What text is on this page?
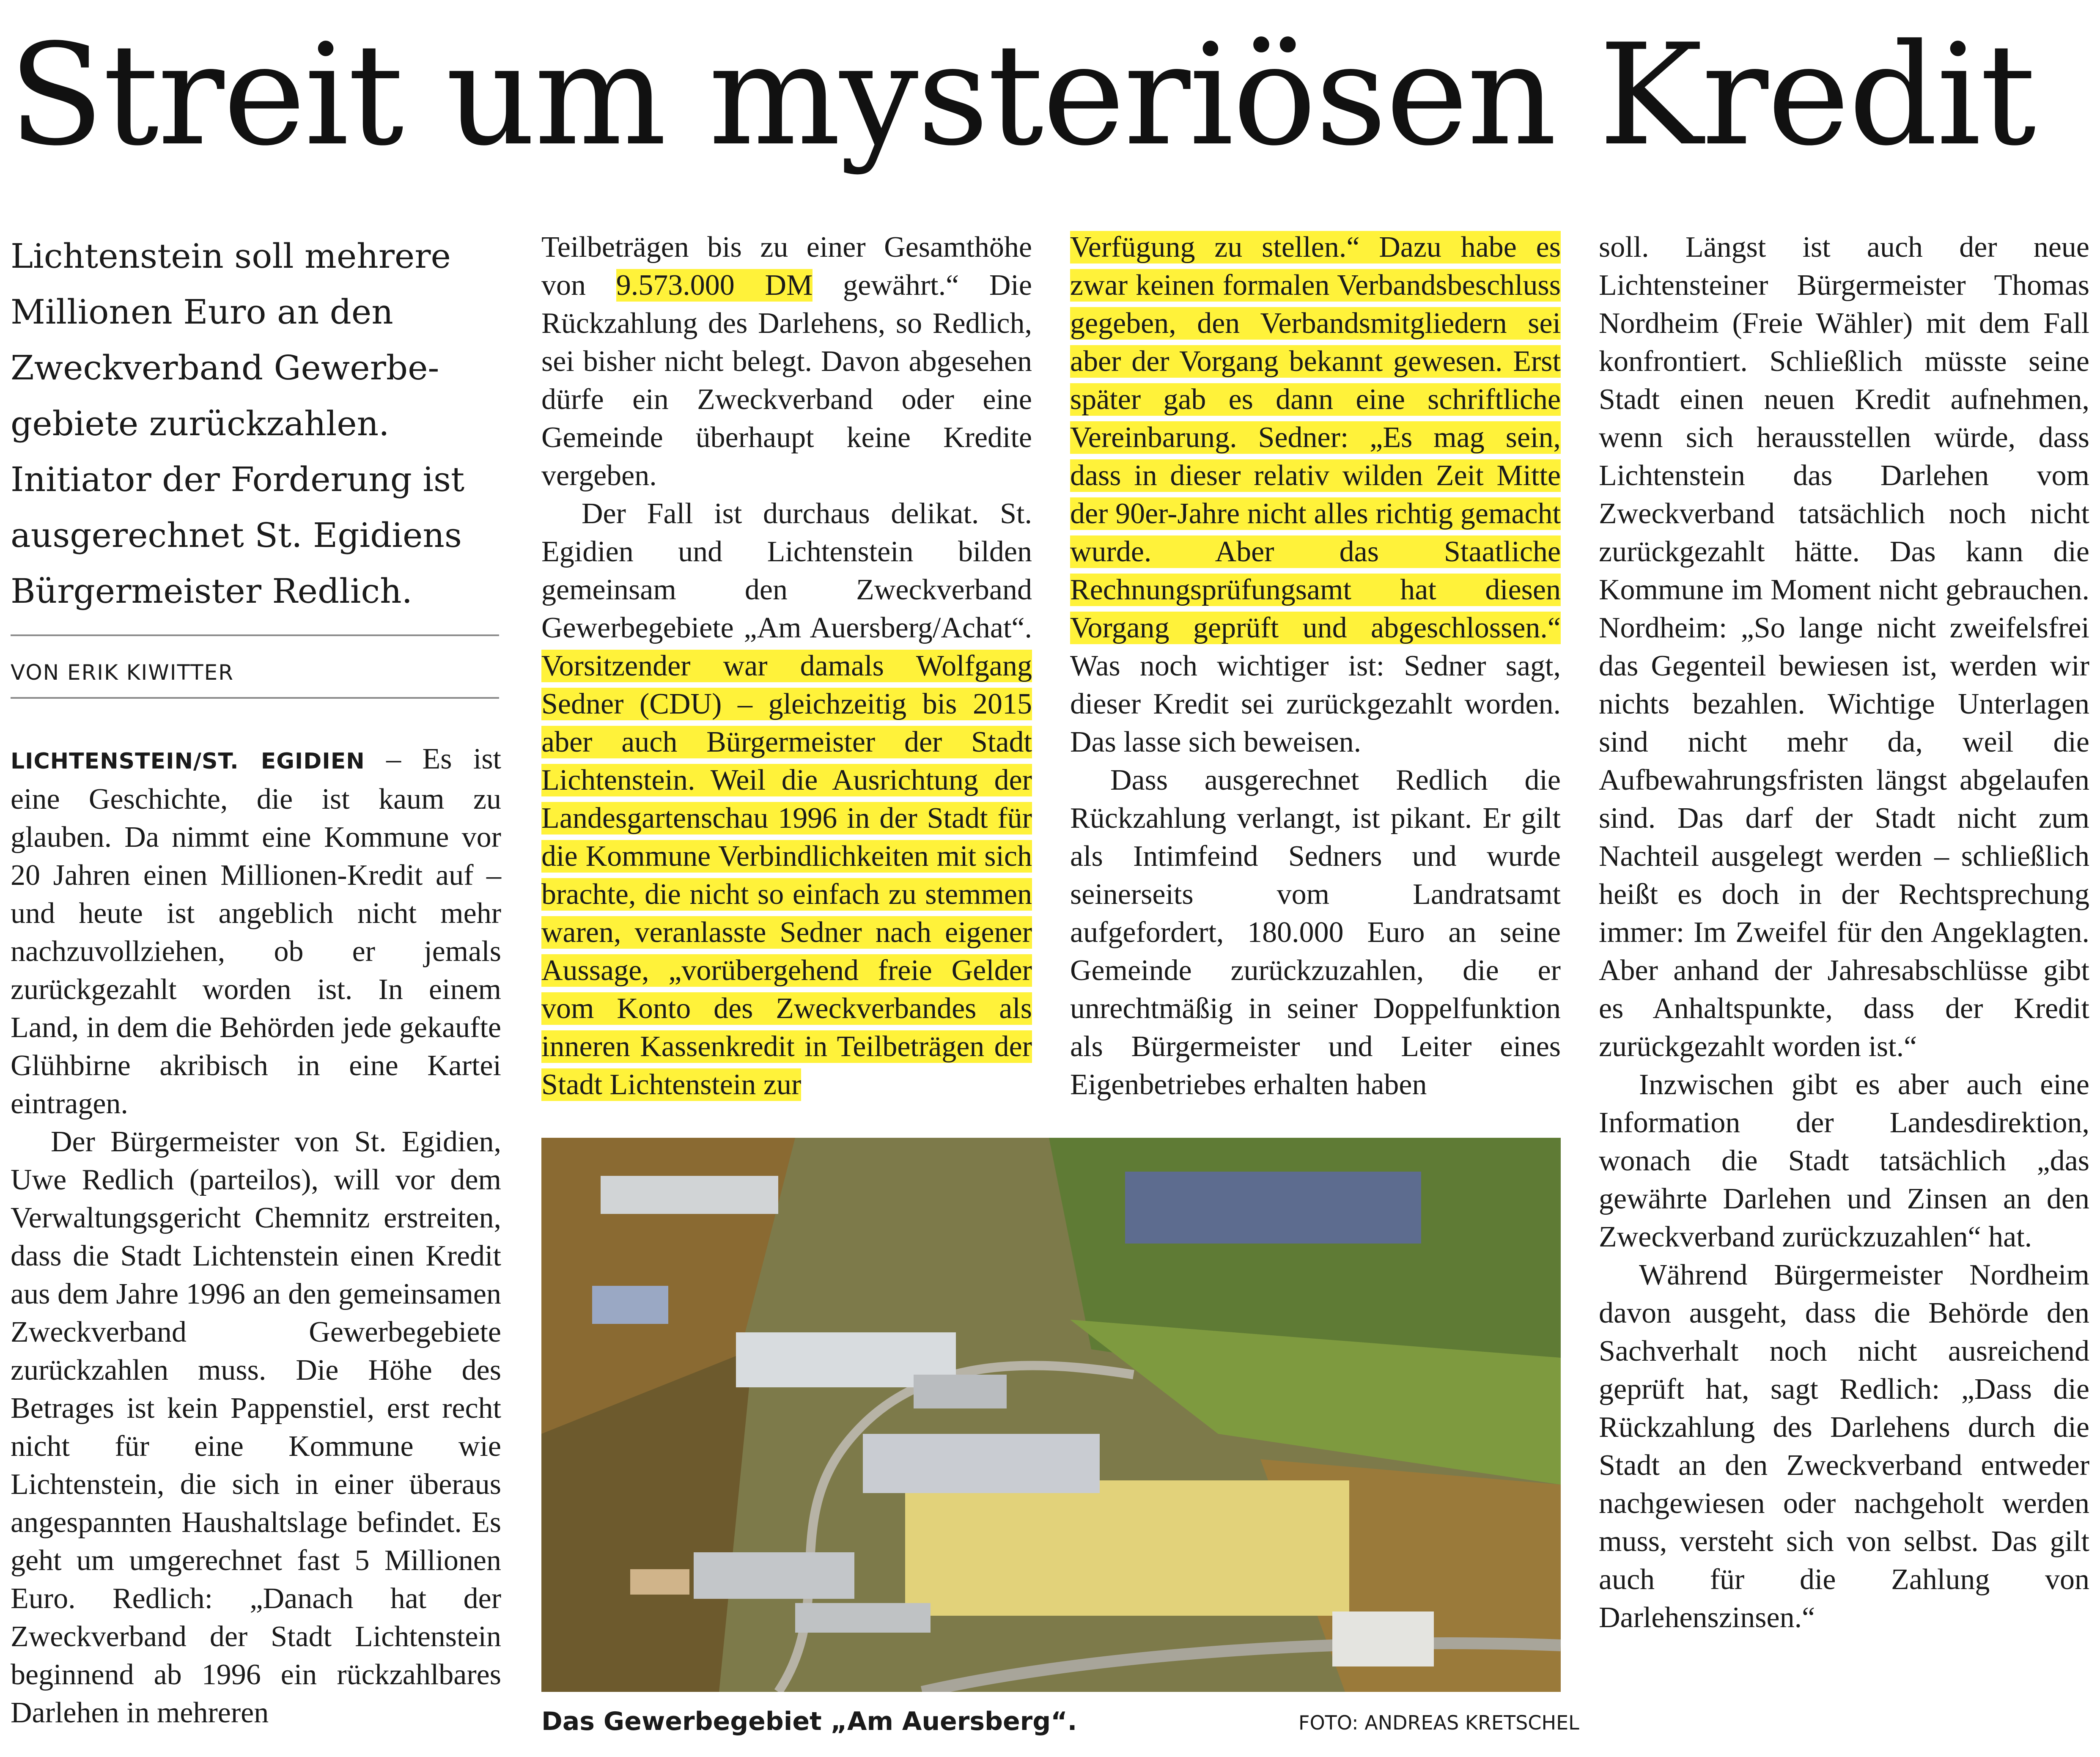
Streit um mysteriösen Kredit

Lichtenstein soll mehrere Millionen Euro an den Zweckverband Gewerbe-gebiete zurückzahlen. Initiator der Forderung ist ausgerechnet St. Egidiens Bürgermeister Redlich.

VON ERIK KIWITTER

LICHTENSTEIN/ST. EGIDIEN – Es ist eine Geschichte, die ist kaum zu glauben. Da nimmt eine Kommune vor 20 Jahren einen Millionen-Kredit auf – und heute ist angeblich nicht mehr nachzuvollziehen, ob er jemals zurückgezahlt worden ist. In einem Land, in dem die Behörden jede gekaufte Glühbirne akribisch in eine Kartei eintragen.

Der Bürgermeister von St. Egidien, Uwe Redlich (parteilos), will vor dem Verwaltungsgericht Chemnitz erstreiten, dass die Stadt Lichtenstein einen Kredit aus dem Jahre 1996 an den gemeinsamen Zweckverband Gewerbegebiete zurückzahlen muss. Die Höhe des Betrages ist kein Pappenstiel, erst recht nicht für eine Kommune wie Lichtenstein, die sich in einer überaus angespannten Haushaltslage befindet. Es geht um umgerechnet fast 5 Millionen Euro. Redlich: „Danach hat der Zweckverband der Stadt Lichtenstein beginnend ab 1996 ein rückzahlbares Darlehen in mehreren

Teilbeträgen bis zu einer Gesamthöhe von 9.573.000 DM gewährt.“ Die Rückzahlung des Darlehens, so Redlich, sei bisher nicht belegt. Davon abgesehen dürfe ein Zweckverband oder eine Gemeinde überhaupt keine Kredite vergeben.

Der Fall ist durchaus delikat. St. Egidien und Lichtenstein bilden gemeinsam den Zweckverband Gewerbegebiete „Am Auersberg/Achat“. Vorsitzender war damals Wolfgang Sedner (CDU) – gleichzeitig bis 2015 aber auch Bürgermeister der Stadt Lichtenstein. Weil die Ausrichtung der Landesgartenschau 1996 in der Stadt für die Kommune Verbindlichkeiten mit sich brachte, die nicht so einfach zu stemmen waren, veranlasste Sedner nach eigener Aussage, „vorübergehend freie Gelder vom Konto des Zweckverbandes als inneren Kassenkredit in Teilbeträgen der Stadt Lichtenstein zur

Verfügung zu stellen.“ Dazu habe es zwar keinen formalen Verbandsbeschluss gegeben, den Verbandsmitgliedern sei aber der Vorgang bekannt gewesen. Erst später gab es dann eine schriftliche Vereinbarung. Sedner: „Es mag sein, dass in dieser relativ wilden Zeit Mitte der 90er-Jahre nicht alles richtig gemacht wurde. Aber das Staatliche Rechnungsprüfungsamt hat diesen Vorgang geprüft und abgeschlossen.“ Was noch wichtiger ist: Sedner sagt, dieser Kredit sei zurückgezahlt worden. Das lasse sich beweisen.

Dass ausgerechnet Redlich die Rückzahlung verlangt, ist pikant. Er gilt als Intimfeind Sedners und wurde seinerseits vom Landratsamt aufgefordert, 180.000 Euro an seine Gemeinde zurückzuzahlen, die er unrechtmäßig in seiner Doppelfunktion als Bürgermeister und Leiter eines Eigenbetriebes erhalten haben

soll. Längst ist auch der neue Lichtensteiner Bürgermeister Thomas Nordheim (Freie Wähler) mit dem Fall konfrontiert. Schließlich müsste seine Stadt einen neuen Kredit aufnehmen, wenn sich herausstellen würde, dass Lichtenstein das Darlehen vom Zweckverband tatsächlich noch nicht zurückgezahlt hätte. Das kann die Kommune im Moment nicht gebrauchen. Nordheim: „So lange nicht zweifelsfrei das Gegenteil bewiesen ist, werden wir nichts bezahlen. Wichtige Unterlagen sind nicht mehr da, weil die Aufbewahrungsfristen längst abgelaufen sind. Das darf der Stadt nicht zum Nachteil ausgelegt werden – schließlich heißt es doch in der Rechtsprechung immer: Im Zweifel für den Angeklagten. Aber anhand der Jahresabschlüsse gibt es Anhaltspunkte, dass der Kredit zurückgezahlt worden ist.“

Inzwischen gibt es aber auch eine Information der Landesdirektion, wonach die Stadt tatsächlich „das gewährte Darlehen und Zinsen an den Zweckverband zurückzuzahlen“ hat.

Während Bürgermeister Nordheim davon ausgeht, dass die Behörde den Sachverhalt noch nicht ausreichend geprüft hat, sagt Redlich: „Dass die Rückzahlung des Darlehens durch die Stadt an den Zweckverband entweder nachgewiesen oder nachgeholt werden muss, versteht sich von selbst. Das gilt auch für die Zahlung von Darlehenszinsen.“

Das Gewerbegebiet „Am Auersberg“.	FOTO: ANDREAS KRETSCHEL
